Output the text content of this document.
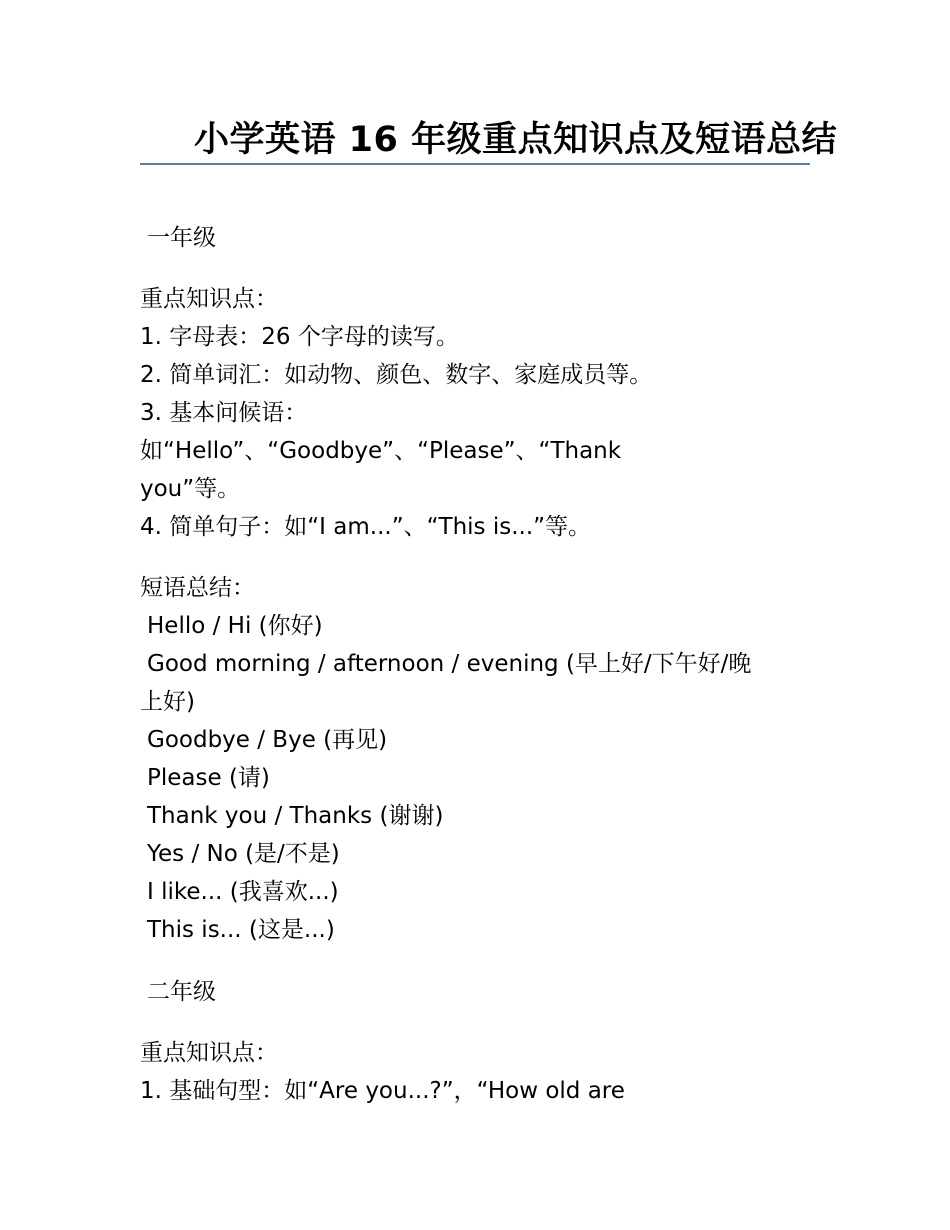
小学英语 16 年级重点知识点及短语总结
一年级
重点知识点：
1. 字母表：26 个字母的读写。
2. 简单词汇：如动物、颜色、数字、家庭成员等。
3. 基本问候语：
如“Hello”、“Goodbye”、“Please”、“Thank
you”等。
4. 简单句子：如“I am...”、“This is...”等。
短语总结：
Hello / Hi (你好)
Good morning / afternoon / evening (早上好/下午好/晚
上好)
Goodbye / Bye (再见)
Please (请)
Thank you / Thanks (谢谢)
Yes / No (是/不是)
I like... (我喜欢...)
This is... (这是...)
二年级
重点知识点：
1. 基础句型：如“Are you...?”，“How old are
